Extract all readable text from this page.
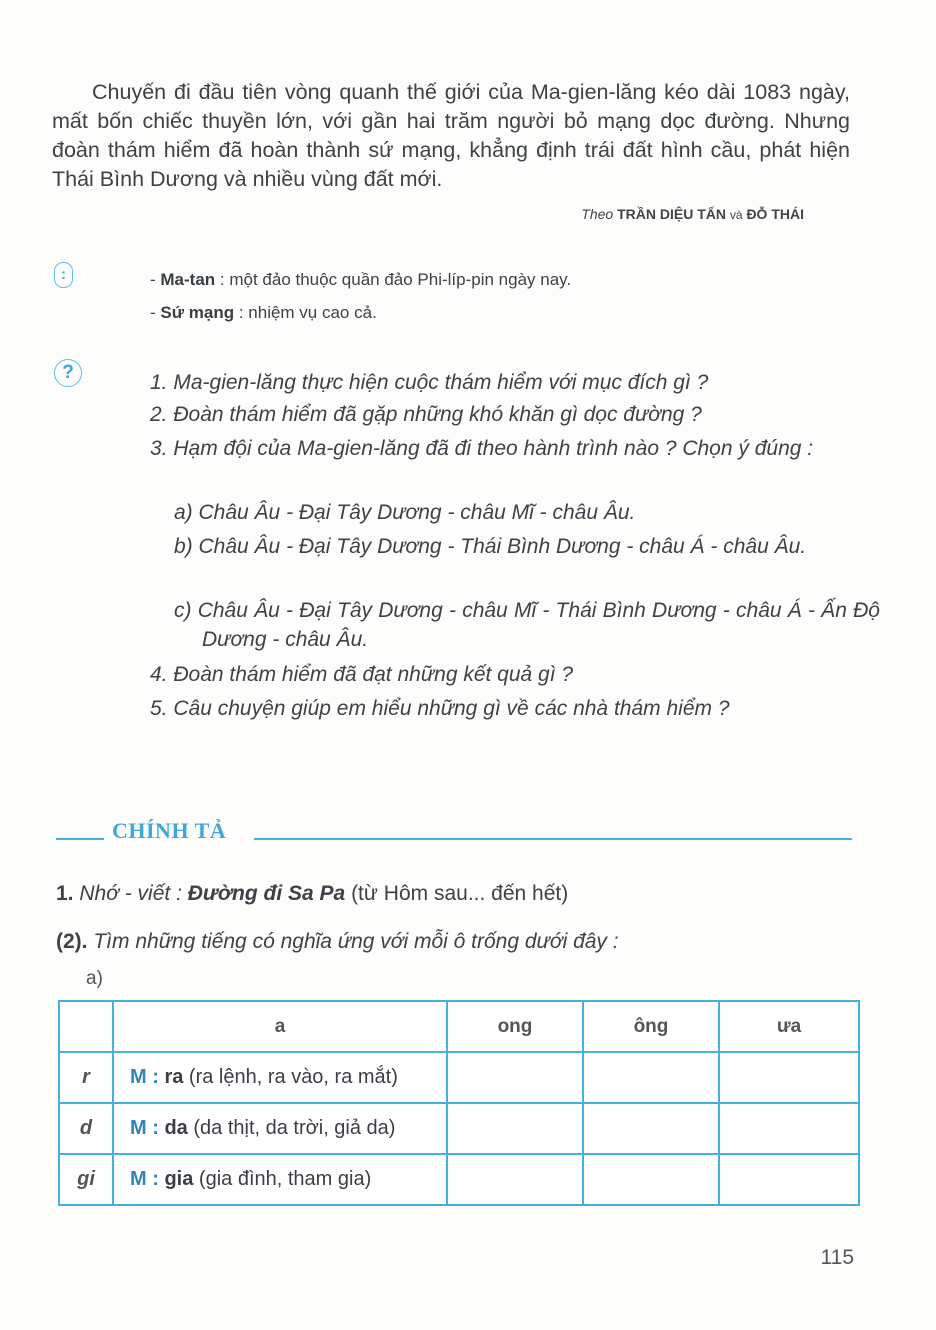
Chuyến đi đầu tiên vòng quanh thế giới của Ma-gien-lăng kéo dài 1083 ngày, mất bốn chiếc thuyền lớn, với gần hai trăm người bỏ mạng dọc đường. Nhưng đoàn thám hiểm đã hoàn thành sứ mạng, khẳng định trái đất hình cầu, phát hiện Thái Bình Dương và nhiều vùng đất mới.
Theo TRẦN DIỆU TẤN và ĐỖ THÁI
:	- Ma-tan : một đảo thuộc quần đảo Phi-líp-pin ngày nay.
- Sứ mạng : nhiệm vụ cao cả.
?	1. Ma-gien-lăng thực hiện cuộc thám hiểm với mục đích gì ?
2. Đoàn thám hiểm đã gặp những khó khăn gì dọc đường ?
3. Hạm đội của Ma-gien-lăng đã đi theo hành trình nào ? Chọn ý đúng :
a) Châu Âu - Đại Tây Dương - châu Mĩ - châu Âu.
b) Châu Âu - Đại Tây Dương - Thái Bình Dương - châu Á - châu Âu.
c) Châu Âu - Đại Tây Dương - châu Mĩ - Thái Bình Dương - châu Á - Ấn Độ Dương - châu Âu.
4. Đoàn thám hiểm đã đạt những kết quả gì ?
5. Câu chuyện giúp em hiểu những gì về các nhà thám hiểm ?
CHÍNH TẢ
1. Nhớ - viết : Đường đi Sa Pa (từ Hôm sau... đến hết)
(2). Tìm những tiếng có nghĩa ứng với mỗi ô trống dưới đây :
a)
	a	ong	ông	ưa
r	M : ra (ra lệnh, ra vào, ra mắt)			
d	M : da (da thịt, da trời, giả da)			
gi	M : gia (gia đình, tham gia)			
115
